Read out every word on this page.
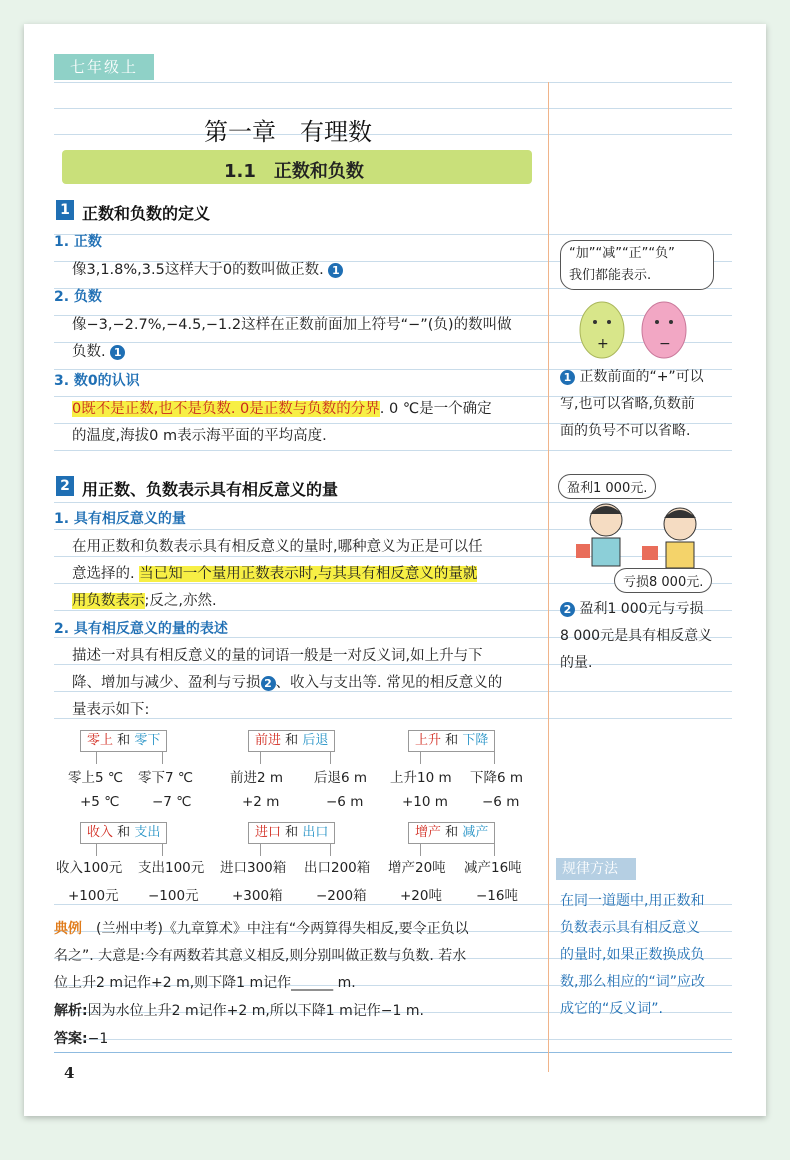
七年级上
第一章　有理数
1.1　 正数和负数
1 正数和负数的定义
1. 正数
像3,1.8%,3.5这样大于0的数叫做正数. 1
2. 负数
像−3,−2.7%,−4.5,−1.2这样在正数前面加上符号“−”(负)的数叫做
负数. 1
3. 数0的认识
0既不是正数,也不是负数. 0是正数与负数的分界. 0 ℃是一个确定
的温度,海拔0 m表示海平面的平均高度.
2 用正数、负数表示具有相反意义的量
1. 具有相反意义的量
在用正数和负数表示具有相反意义的量时,哪种意义为正是可以任
意选择的. 当已知一个量用正数表示时,与其具有相反意义的量就
用负数表示;反之,亦然.
2. 具有相反意义的量的表述
描述一对具有相反意义的量的词语一般是一对反义词,如上升与下
降、增加与减少、盈利与亏损 2 、收入与支出等. 常见的相反意义的
量表示如下:
零上 和 零下	前进 和 后退	上升 和 下降
零上5 ℃ 零下7 ℃	前进2 m 后退6 m 上升10 m 下降6 m
+5 ℃ −7 ℃	+2 m	−6 m	+10 m	−6 m
收入 和 支出	进口 和 出口	增产 和 减产
收入100元 支出100元 进口300箱 出口200箱 增产20吨 减产16吨
+100元 −100元 +300箱 −200箱 +20吨	−16吨
典例　(兰州中考)《九章算术》中注有“今两算得失相反,要令正负以
名之”. 大意是:今有两数若其意义相反,则分别叫做正数与负数. 若水
位上升2 m记作+2 m,则下降1 m记作______ m.
解析:因为水位上升2 m记作+2 m,所以下降1 m记作−1 m.
答案:−1
4
“加”“减”“正”“负”
我们都能表示.
+	−
1 正数前面的“+”可以
写,也可以省略,负数前
面的负号不可以省略.
盈利1 000元.
亏损8 000元.
2 盈利1 000元与亏损
8 000元是具有相反意义
的量.
规律方法
在同一道题中,用正数和
负数表示具有相反意义
的量时,如果正数换成负
数,那么相应的“词”应改
成它的“反义词”.
